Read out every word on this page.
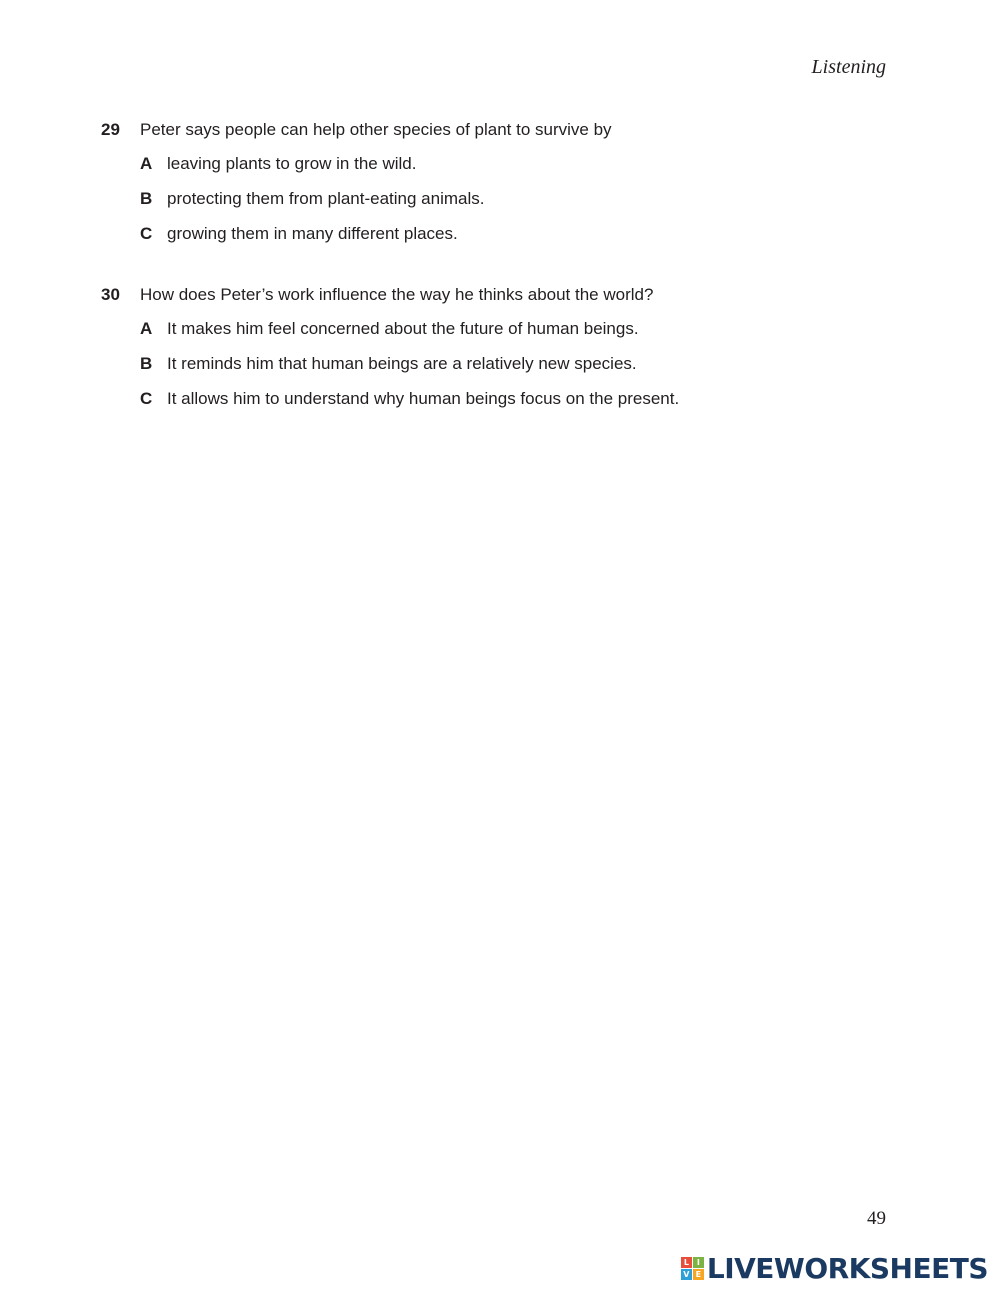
Listening
29	Peter says people can help other species of plant to survive by
A leaving plants to grow in the wild.
B protecting them from plant-eating animals.
C growing them in many different places.
30	How does Peter’s work influence the way he thinks about the world?
A It makes him feel concerned about the future of human beings.
B It reminds him that human beings are a relatively new species.
C It allows him to understand why human beings focus on the present.
49
L I
V E LIVEWORKSHEETS
